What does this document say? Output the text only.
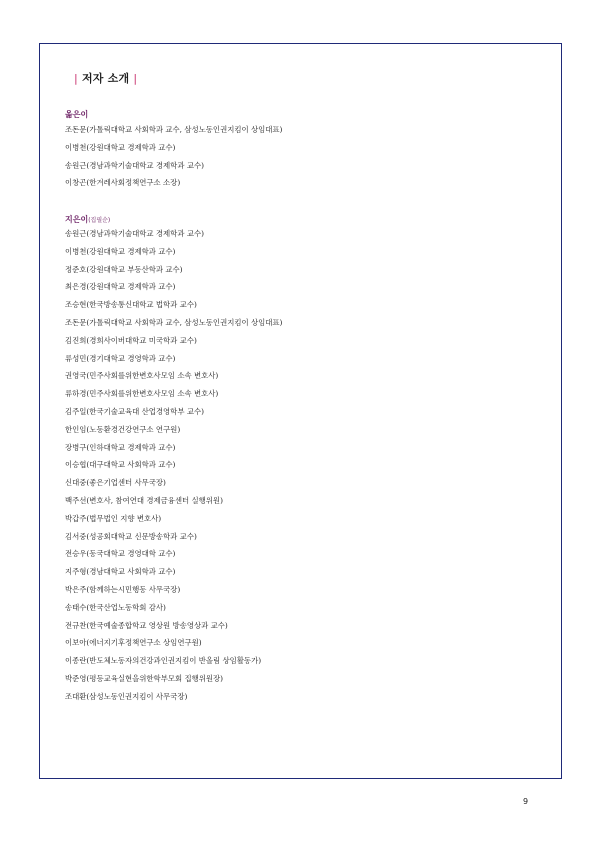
| 저자 소개 |
옮은이
조돈문(가톨릭대학교 사회학과 교수, 삼성노동인권지킴이 상임대표)
이병천(강원대학교 경제학과 교수)
송원근(경남과학기술대학교 경제학과 교수)
이창곤(한겨레사회정책연구소 소장)
지은이(집필순)
송원근(경남과학기술대학교 경제학과 교수)
이병천(강원대학교 경제학과 교수)
정준호(강원대학교 부동산학과 교수)
최은경(강원대학교 경제학과 교수)
조승현(한국방송통신대학교 법학과 교수)
조돈문(가톨릭대학교 사회학과 교수, 삼성노동인권지킴이 상임대표)
김진희(경희사이버대학교 미국학과 교수)
류성민(경기대학교 경영학과 교수)
권영국(민주사회를위한변호사모임 소속 변호사)
류하경(민주사회를위한변호사모임 소속 변호사)
김주일(한국기술교육대 산업경영학부 교수)
한인임(노동환경건강연구소 연구원)
장병구(인하대학교 경제학과 교수)
이승협(대구대학교 사회학과 교수)
신대중(좋은기업센터 사무국장)
백주선(변호사, 참여연대 경제금융센터 실행위원)
박갑주(법무법인 지향 변호사)
김서중(성공회대학교 신문방송학과 교수)
전승우(동국대학교 경영대학 교수)
지주형(경남대학교 사회학과 교수)
박은주(함께하는시민행동 사무국장)
송태수(한국산업노동학회 감사)
전규찬(한국예술종합학교 영상원 방송영상과 교수)
이보아(에너지기후정책연구소 상임연구원)
이종란(반도체노동자의건강과인권지킴이 반올림 상임활동가)
박준영(평등교육실현을위한학부모회 집행위원장)
조대환(삼성노동인권지킴이 사무국장)
9
